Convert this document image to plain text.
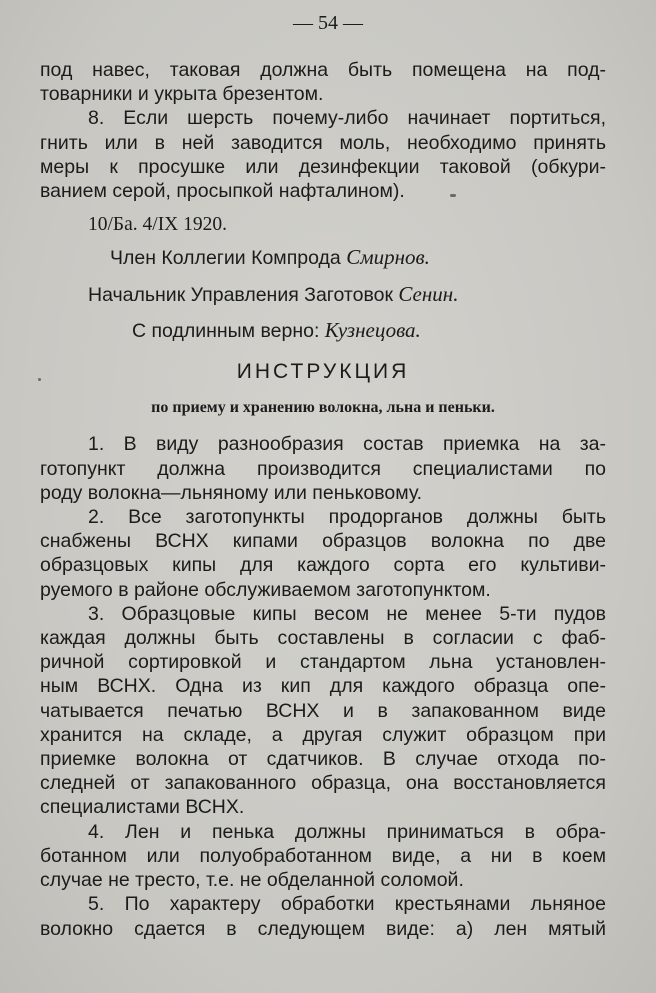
— 54 —
под навес, таковая должна быть помещена на под-
товарники и укрыта брезентом.
8. Если шерсть почему-либо начинает портиться,
гнить или в ней заводится моль, необходимо принять
меры к просушке или дезинфекции таковой (обкури-
ванием серой, просыпкой нафталином).
10/Ба. 4/IX 1920.
Член Коллегии Компрода Смирнов.
Начальник Управления Заготовок Сенин.
С подлинным верно: Кузнецова.
ИНСТРУКЦИЯ
по приему и хранению волокна, льна и пеньки.
1. В виду разнообразия состав приемка на за-
готопункт должна производится специалистами по
роду волокна—льняному или пеньковому.
2. Все заготопункты продорганов должны быть
снабжены ВСНХ кипами образцов волокна по две
образцовых кипы для каждого сорта его культиви-
руемого в районе обслуживаемом заготопунктом.
3. Образцовые кипы весом не менее 5-ти пудов
каждая должны быть составлены в согласии с фаб-
ричной сортировкой и стандартом льна установлен-
ным ВСНХ. Одна из кип для каждого образца опе-
чатывается печатью ВСНХ и в запакованном виде
хранится на складе, а другая служит образцом при
приемке волокна от сдатчиков. В случае отхода по-
следней от запакованного образца, она восстановляется
специалистами ВСНХ.
4. Лен и пенька должны приниматься в обра-
ботанном или полуобработанном виде, а ни в коем
случае не тресто, т.е. не обделанной соломой.
5. По характеру обработки крестьянами льняное
волокно сдается в следующем виде: а) лен мятый
